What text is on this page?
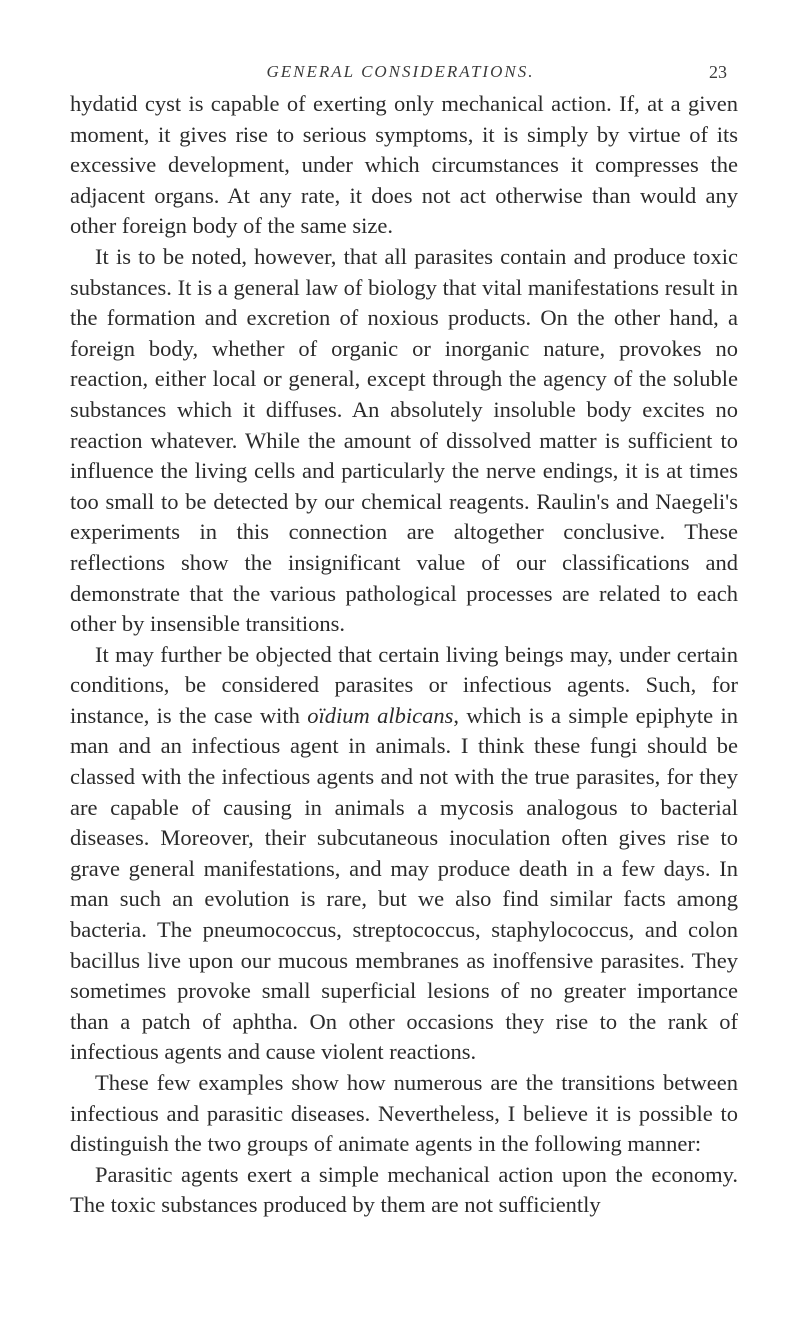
GENERAL CONSIDERATIONS.	23

hydatid cyst is capable of exerting only mechanical action. If, at a given moment, it gives rise to serious symptoms, it is simply by virtue of its excessive development, under which circumstances it compresses the adjacent organs. At any rate, it does not act otherwise than would any other foreign body of the same size.

It is to be noted, however, that all parasites contain and produce toxic substances. It is a general law of biology that vital manifestations result in the formation and excretion of noxious products. On the other hand, a foreign body, whether of organic or inorganic nature, provokes no reaction, either local or general, except through the agency of the soluble substances which it diffuses. An absolutely insoluble body excites no reaction whatever. While the amount of dissolved matter is sufficient to influence the living cells and particularly the nerve endings, it is at times too small to be detected by our chemical reagents. Raulin's and Naegeli's experiments in this connection are altogether conclusive. These reflections show the insignificant value of our classifications and demonstrate that the various pathological processes are related to each other by insensible transitions.

It may further be objected that certain living beings may, under certain conditions, be considered parasites or infectious agents. Such, for instance, is the case with oïdium albicans, which is a simple epiphyte in man and an infectious agent in animals. I think these fungi should be classed with the infectious agents and not with the true parasites, for they are capable of causing in animals a mycosis analogous to bacterial diseases. Moreover, their subcutaneous inoculation often gives rise to grave general manifestations, and may produce death in a few days. In man such an evolution is rare, but we also find similar facts among bacteria. The pneumococcus, streptococcus, staphylococcus, and colon bacillus live upon our mucous membranes as inoffensive parasites. They sometimes provoke small superficial lesions of no greater importance than a patch of aphtha. On other occasions they rise to the rank of infectious agents and cause violent reactions.

These few examples show how numerous are the transitions between infectious and parasitic diseases. Nevertheless, I believe it is possible to distinguish the two groups of animate agents in the following manner:

Parasitic agents exert a simple mechanical action upon the economy. The toxic substances produced by them are not sufficiently
